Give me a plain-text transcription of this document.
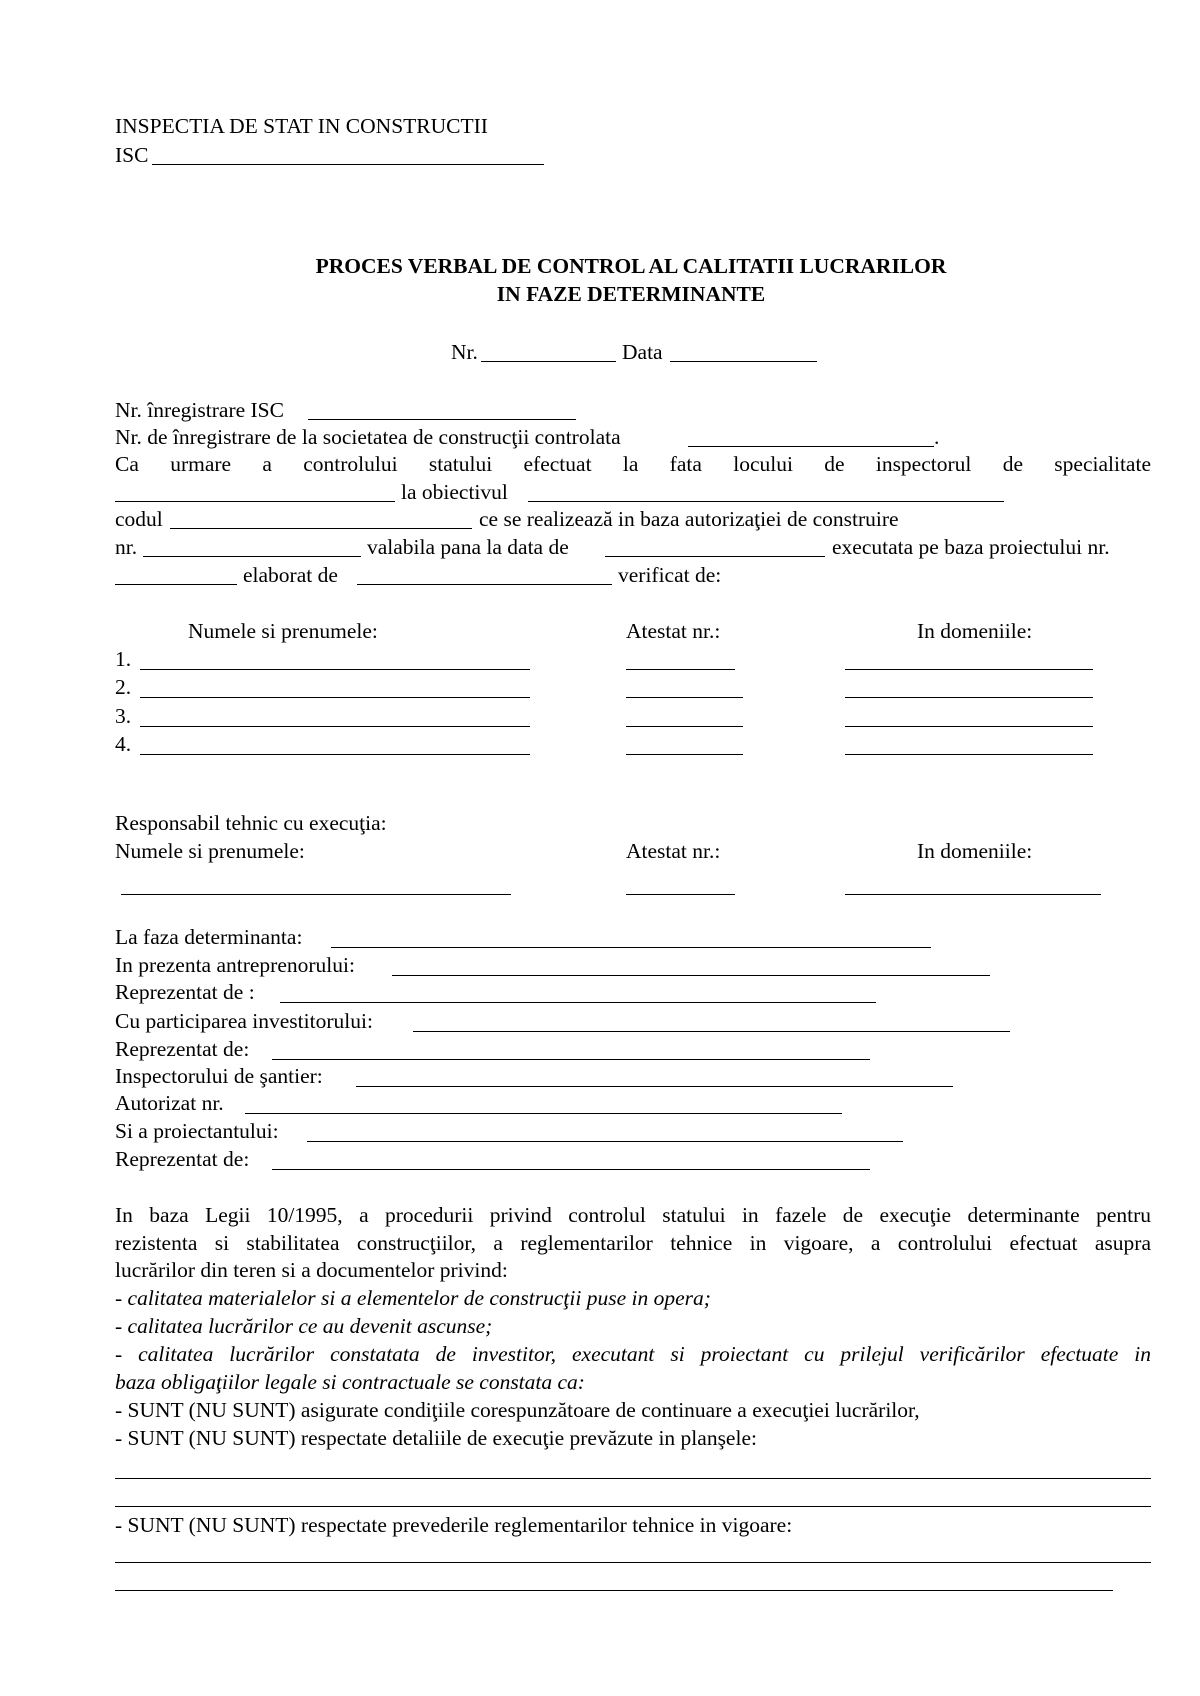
INSPECTIA DE STAT IN CONSTRUCTII
ISC
PROCES VERBAL DE CONTROL AL CALITATII LUCRARILOR
IN FAZE DETERMINANTE
Nr.	Data
Nr. înregistrare ISC
Nr. de înregistrare de la societatea de construcţii controlata	.
Ca urmare a controlului statului efectuat la fata locului de inspectorul de specialitate
la obiectivul
codul	ce se realizează in baza autorizaţiei de construire
nr.	valabila pana la data de	executata pe baza proiectului nr.
elaborat de	verificat de:
Numele si prenumele:	Atestat nr.:	In domeniile:
1.
2.
3.
4.
Responsabil tehnic cu execuţia:
Numele si prenumele:	Atestat nr.:	In domeniile:
La faza determinanta:
In prezenta antreprenorului:
Reprezentat de :
Cu participarea investitorului:
Reprezentat de:
Inspectorului de şantier:
Autorizat nr.
Si a proiectantului:
Reprezentat de:
In baza Legii 10/1995, a procedurii privind controlul statului in fazele de execuţie determinante pentru
rezistenta si stabilitatea construcţiilor, a reglementarilor tehnice in vigoare, a controlului efectuat asupra
lucrărilor din teren si a documentelor privind:
- calitatea materialelor si a elementelor de construcţii puse in opera;
- calitatea lucrărilor ce au devenit ascunse;
- calitatea lucrărilor constatata de investitor, executant si proiectant cu prilejul verificărilor efectuate in
baza obligaţiilor legale si contractuale se constata ca:
- SUNT (NU SUNT) asigurate condiţiile corespunzătoare de continuare a execuţiei lucrărilor,
- SUNT (NU SUNT) respectate detaliile de execuţie prevăzute in planşele:
- SUNT (NU SUNT) respectate prevederile reglementarilor tehnice in vigoare:
